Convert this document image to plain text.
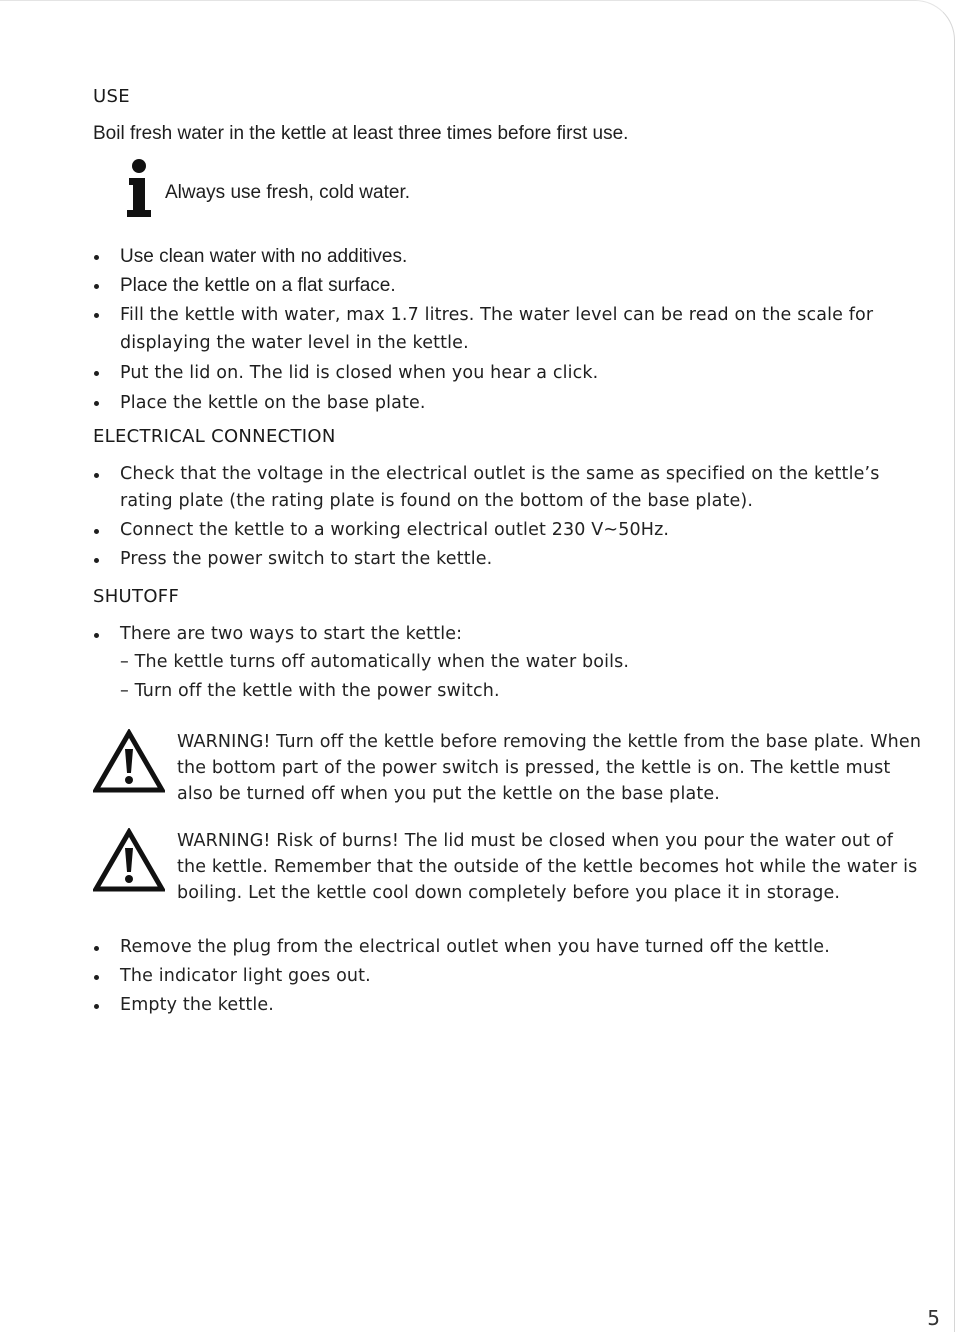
USE

Boil fresh water in the kettle at least three times before first use.

Always use fresh, cold water.
Use clean water with no additives.
Place the kettle on a flat surface.
Fill the kettle with water, max 1.7 litres. The water level can be read on the scale for displaying the water level in the kettle.
Put the lid on. The lid is closed when you hear a click.
Place the kettle on the base plate.
ELECTRICAL CONNECTION
Check that the voltage in the electrical outlet is the same as specified on the kettle’s rating plate (the rating plate is found on the bottom of the base plate).
Connect the kettle to a working electrical outlet 230 V~50Hz.
Press the power switch to start the kettle.
SHUTOFF
There are two ways to start the kettle:
– The kettle turns off automatically when the water boils.
– Turn off the kettle with the power switch.

WARNING! Turn off the kettle before removing the kettle from the base plate. When the bottom part of the power switch is pressed, the kettle is on. The kettle must also be turned off when you put the kettle on the base plate.

WARNING! Risk of burns! The lid must be closed when you pour the water out of the kettle. Remember that the outside of the kettle becomes hot while the water is boiling. Let the kettle cool down completely before you place it in storage.

Remove the plug from the electrical outlet when you have turned off the kettle.
The indicator light goes out.
Empty the kettle.
5
